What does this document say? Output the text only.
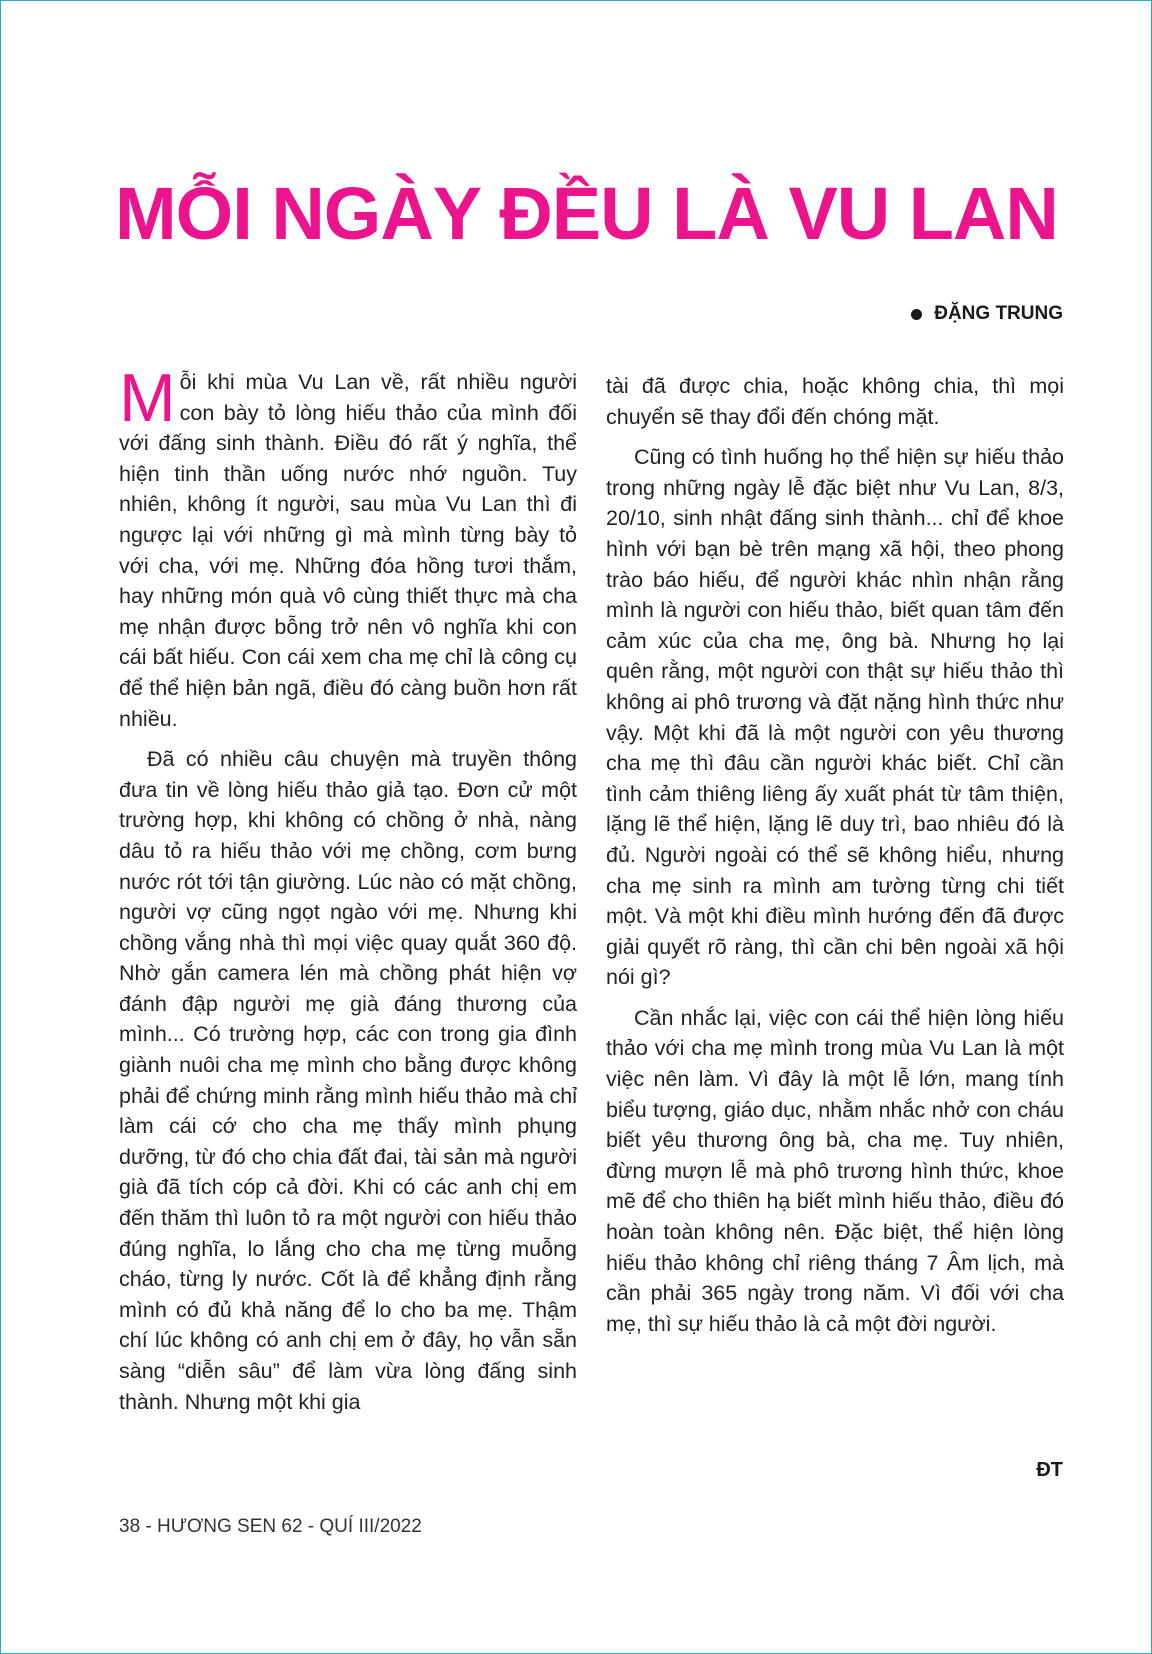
MỖI NGÀY ĐỀU LÀ VU LAN
ĐẶNG TRUNG

Mỗi khi mùa Vu Lan về, rất nhiều người con bày tỏ lòng hiếu thảo của mình đối với đấng sinh thành. Điều đó rất ý nghĩa, thể hiện tinh thần uống nước nhớ nguồn. Tuy nhiên, không ít người, sau mùa Vu Lan thì đi ngược lại với những gì mà mình từng bày tỏ với cha, với mẹ. Những đóa hồng tươi thắm, hay những món quà vô cùng thiết thực mà cha mẹ nhận được bỗng trở nên vô nghĩa khi con cái bất hiếu. Con cái xem cha mẹ chỉ là công cụ để thể hiện bản ngã, điều đó càng buồn hơn rất nhiều.

Đã có nhiều câu chuyện mà truyền thông đưa tin về lòng hiếu thảo giả tạo. Đơn cử một trường hợp, khi không có chồng ở nhà, nàng dâu tỏ ra hiếu thảo với mẹ chồng, cơm bưng nước rót tới tận giường. Lúc nào có mặt chồng, người vợ cũng ngọt ngào với mẹ. Nhưng khi chồng vắng nhà thì mọi việc quay quắt 360 độ. Nhờ gắn camera lén mà chồng phát hiện vợ đánh đập người mẹ già đáng thương của mình... Có trường hợp, các con trong gia đình giành nuôi cha mẹ mình cho bằng được không phải để chứng minh rằng mình hiếu thảo mà chỉ làm cái cớ cho cha mẹ thấy mình phụng dưỡng, từ đó cho chia đất đai, tài sản mà người già đã tích cóp cả đời. Khi có các anh chị em đến thăm thì luôn tỏ ra một người con hiếu thảo đúng nghĩa, lo lắng cho cha mẹ từng muỗng cháo, từng ly nước. Cốt là để khẳng định rằng mình có đủ khả năng để lo cho ba mẹ. Thậm chí lúc không có anh chị em ở đây, họ vẫn sẵn sàng “diễn sâu” để làm vừa lòng đấng sinh thành. Nhưng một khi gia

tài đã được chia, hoặc không chia, thì mọi chuyển sẽ thay đổi đến chóng mặt.

Cũng có tình huống họ thể hiện sự hiếu thảo trong những ngày lễ đặc biệt như Vu Lan, 8/3, 20/10, sinh nhật đấng sinh thành... chỉ để khoe hình với bạn bè trên mạng xã hội, theo phong trào báo hiếu, để người khác nhìn nhận rằng mình là người con hiếu thảo, biết quan tâm đến cảm xúc của cha mẹ, ông bà. Nhưng họ lại quên rằng, một người con thật sự hiếu thảo thì không ai phô trương và đặt nặng hình thức như vậy. Một khi đã là một người con yêu thương cha mẹ thì đâu cần người khác biết. Chỉ cần tình cảm thiêng liêng ấy xuất phát từ tâm thiện, lặng lẽ thể hiện, lặng lẽ duy trì, bao nhiêu đó là đủ. Người ngoài có thể sẽ không hiểu, nhưng cha mẹ sinh ra mình am tường từng chi tiết một. Và một khi điều mình hướng đến đã được giải quyết rõ ràng, thì cần chi bên ngoài xã hội nói gì?

Cần nhắc lại, việc con cái thể hiện lòng hiếu thảo với cha mẹ mình trong mùa Vu Lan là một việc nên làm. Vì đây là một lễ lớn, mang tính biểu tượng, giáo dục, nhằm nhắc nhở con cháu biết yêu thương ông bà, cha mẹ. Tuy nhiên, đừng mượn lễ mà phô trương hình thức, khoe mẽ để cho thiên hạ biết mình hiếu thảo, điều đó hoàn toàn không nên. Đặc biệt, thể hiện lòng hiếu thảo không chỉ riêng tháng 7 Âm lịch, mà cần phải 365 ngày trong năm. Vì đối với cha mẹ, thì sự hiếu thảo là cả một đời người.

ĐT
38 - HƯƠNG SEN 62 - QUÍ III/2022
